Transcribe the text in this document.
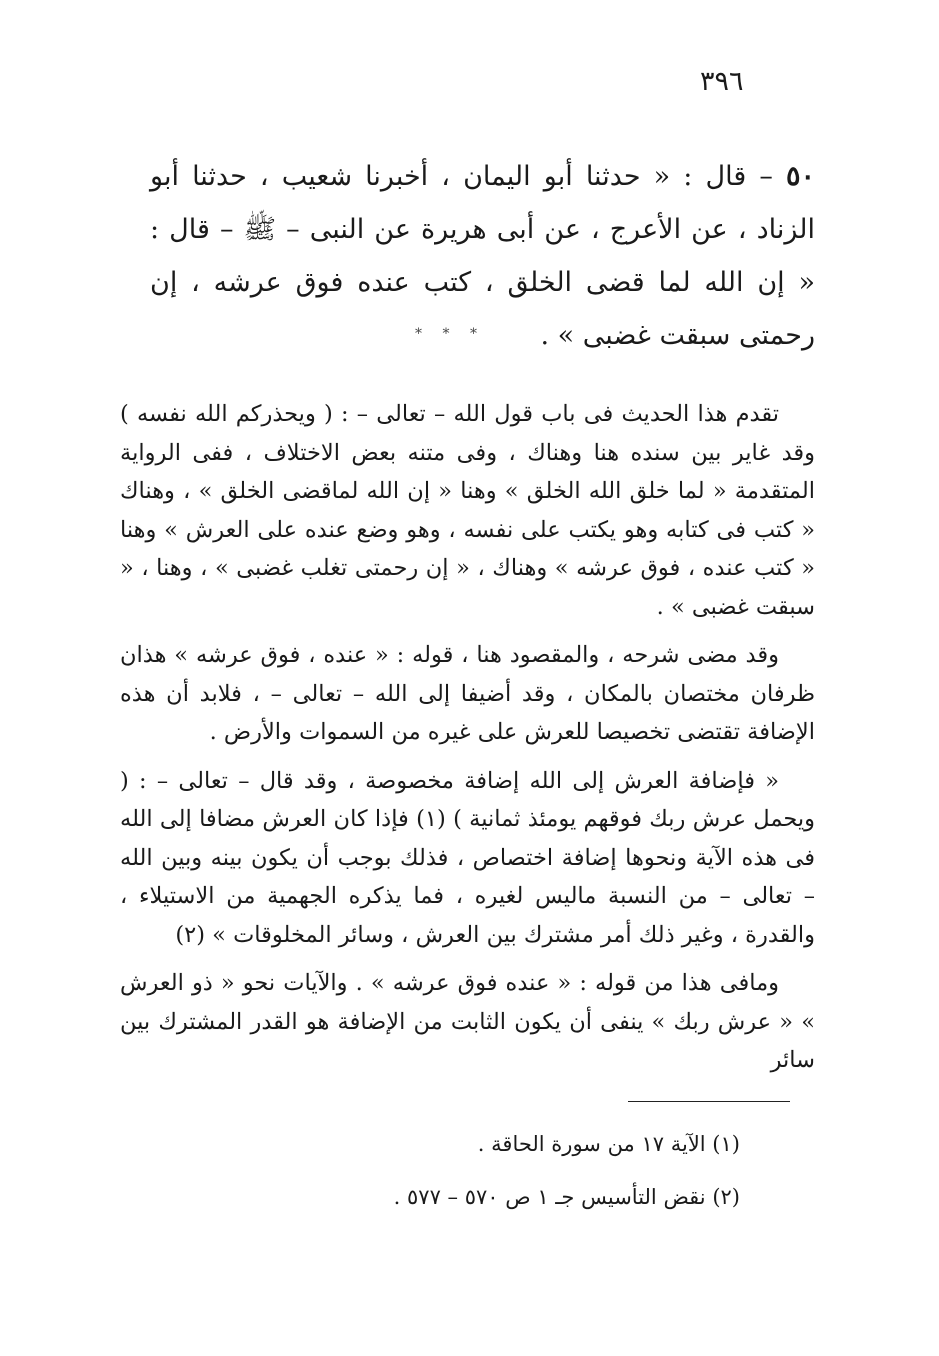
٣٩٦
٥٠ – قال : « حدثنا أبو اليمان ، أخبرنا شعيب ، حدثنا أبو الزناد ، عن الأعرج ، عن أبى هريرة عن النبى – ﷺ – قال : « إن الله لما قضى الخلق ، كتب عنده فوق عرشه ، إن رحمتى سبقت غضبى » .
* * *

تقدم هذا الحديث فى باب قول الله – تعالى – : ( ويحذركم الله نفسه ) وقد غاير بين سنده هنا وهناك ، وفى متنه بعض الاختلاف ، ففى الرواية المتقدمة « لما خلق الله الخلق » وهنا « إن الله لماقضى الخلق » ، وهناك « كتب فى كتابه وهو يكتب على نفسه ، وهو وضع عنده على العرش » وهنا « كتب عنده ، فوق عرشه » وهناك ، « إن رحمتى تغلب غضبى » ، وهنا ، « سبقت غضبى » .

وقد مضى شرحه ، والمقصود هنا ، قوله : « عنده ، فوق عرشه » هذان ظرفان مختصان بالمكان ، وقد أضيفا إلى الله – تعالى – ، فلابد أن هذه الإضافة تقتضى تخصيصا للعرش على غيره من السموات والأرض .

« فإضافة العرش إلى الله إضافة مخصوصة ، وقد قال – تعالى – : ( ويحمل عرش ربك فوقهم يومئذ ثمانية ) (١) فإذا كان العرش مضافا إلى الله فى هذه الآية ونحوها إضافة اختصاص ، فذلك بوجب أن يكون بينه وبين الله – تعالى – من النسبة ماليس لغيره ، فما يذكره الجهمية من الاستيلاء ، والقدرة ، وغير ذلك أمر مشترك بين العرش ، وسائر المخلوقات » (٢)

ومافى هذا من قوله : « عنده فوق عرشه » . والآيات نحو « ذو العرش » « عرش ربك » ينفى أن يكون الثابت من الإضافة هو القدر المشترك بين سائر

(١) الآية ١٧ من سورة الحاقة .

(٢) نقض التأسيس جـ ١ ص ٥٧٠ – ٥٧٧ .
